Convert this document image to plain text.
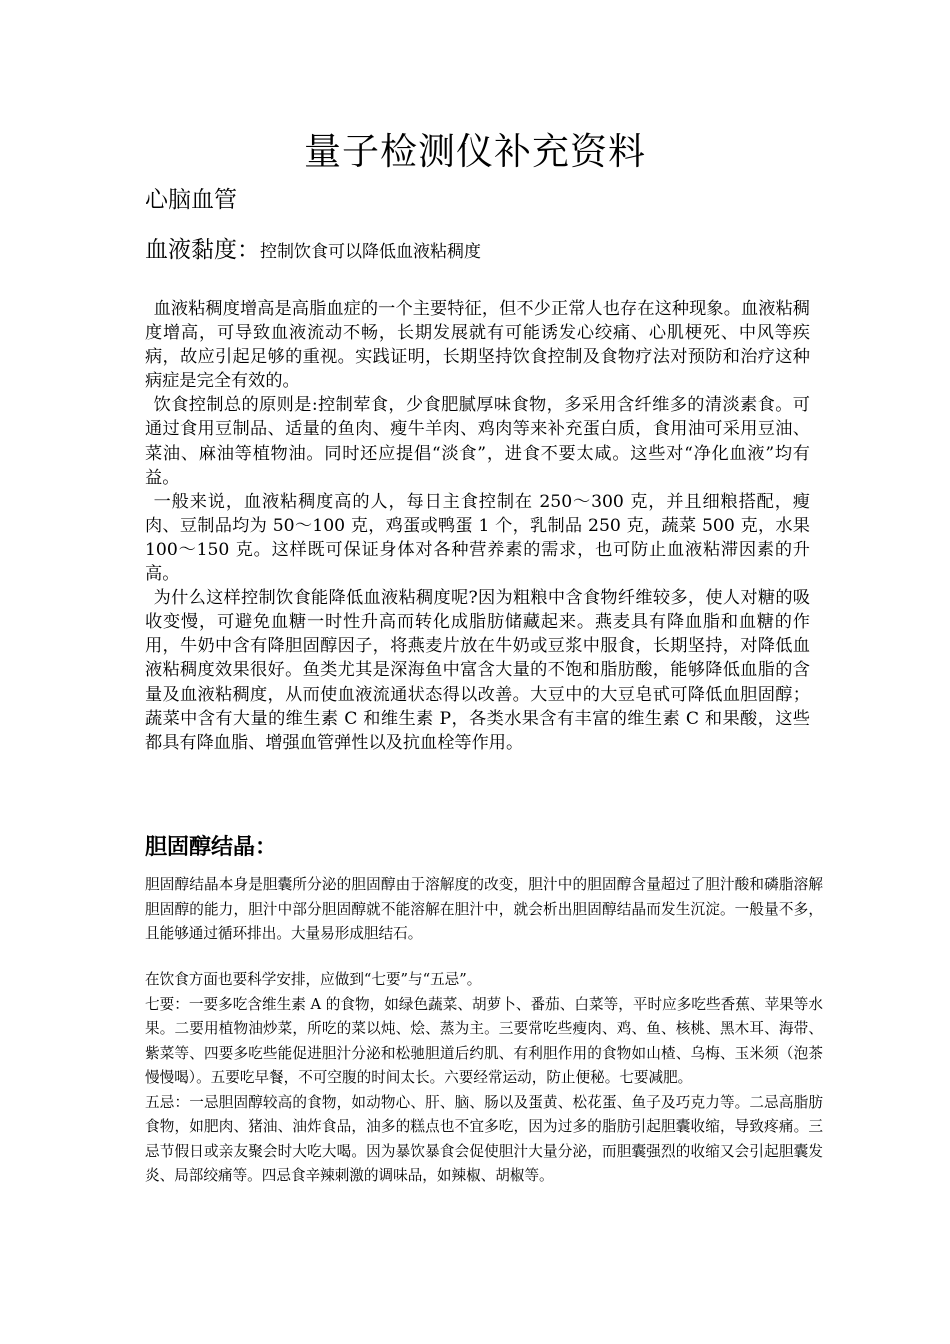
量子检测仪补充资料
心脑血管
血液黏度：控制饮食可以降低血液粘稠度

血液粘稠度增高是高脂血症的一个主要特征，但不少正常人也存在这种现象。血液粘稠度增高，可导致血液流动不畅，长期发展就有可能诱发心绞痛、心肌梗死、中风等疾病，故应引起足够的重视。实践证明，长期坚持饮食控制及食物疗法对预防和治疗这种病症是完全有效的。

饮食控制总的原则是:控制荤食，少食肥腻厚味食物，多采用含纤维多的清淡素食。可通过食用豆制品、适量的鱼肉、瘦牛羊肉、鸡肉等来补充蛋白质，食用油可采用豆油、菜油、麻油等植物油。同时还应提倡“淡食”，进食不要太咸。这些对“净化血液”均有益。

一般来说，血液粘稠度高的人，每日主食控制在 250～300 克，并且细粮搭配，瘦肉、豆制品均为 50～100 克，鸡蛋或鸭蛋 1 个，乳制品 250 克，蔬菜 500 克，水果 100～150 克。这样既可保证身体对各种营养素的需求，也可防止血液粘滞因素的升高。

为什么这样控制饮食能降低血液粘稠度呢?因为粗粮中含食物纤维较多，使人对糖的吸收变慢，可避免血糖一时性升高而转化成脂肪储藏起来。燕麦具有降血脂和血糖的作用，牛奶中含有降胆固醇因子，将燕麦片放在牛奶或豆浆中服食，长期坚持，对降低血液粘稠度效果很好。鱼类尤其是深海鱼中富含大量的不饱和脂肪酸，能够降低血脂的含量及血液粘稠度，从而使血液流通状态得以改善。大豆中的大豆皂甙可降低血胆固醇；蔬菜中含有大量的维生素 C 和维生素 P，各类水果含有丰富的维生素 C 和果酸，这些都具有降血脂、增强血管弹性以及抗血栓等作用。

胆固醇结晶：

胆固醇结晶本身是胆囊所分泌的胆固醇由于溶解度的改变，胆汁中的胆固醇含量超过了胆汁酸和磷脂溶解胆固醇的能力，胆汁中部分胆固醇就不能溶解在胆汁中，就会析出胆固醇结晶而发生沉淀。一般量不多，且能够通过循环排出。大量易形成胆结石。

在饮食方面也要科学安排，应做到“七要”与“五忌”。

七要：一要多吃含维生素 A 的食物，如绿色蔬菜、胡萝卜、番茄、白菜等，平时应多吃些香蕉、苹果等水果。二要用植物油炒菜，所吃的菜以炖、烩、蒸为主。三要常吃些瘦肉、鸡、鱼、核桃、黑木耳、海带、紫菜等、四要多吃些能促进胆汁分泌和松驰胆道后约肌、有利胆作用的食物如山楂、乌梅、玉米须（泡茶慢慢喝）。五要吃早餐，不可空腹的时间太长。六要经常运动，防止便秘。七要减肥。

五忌：一忌胆固醇较高的食物，如动物心、肝、脑、肠以及蛋黄、松花蛋、鱼子及巧克力等。二忌高脂肪食物，如肥肉、猪油、油炸食品，油多的糕点也不宜多吃，因为过多的脂肪引起胆囊收缩，导致疼痛。三忌节假日或亲友聚会时大吃大喝。因为暴饮暴食会促使胆汁大量分泌，而胆囊强烈的收缩又会引起胆囊发炎、局部绞痛等。四忌食辛辣刺激的调味品，如辣椒、胡椒等。
